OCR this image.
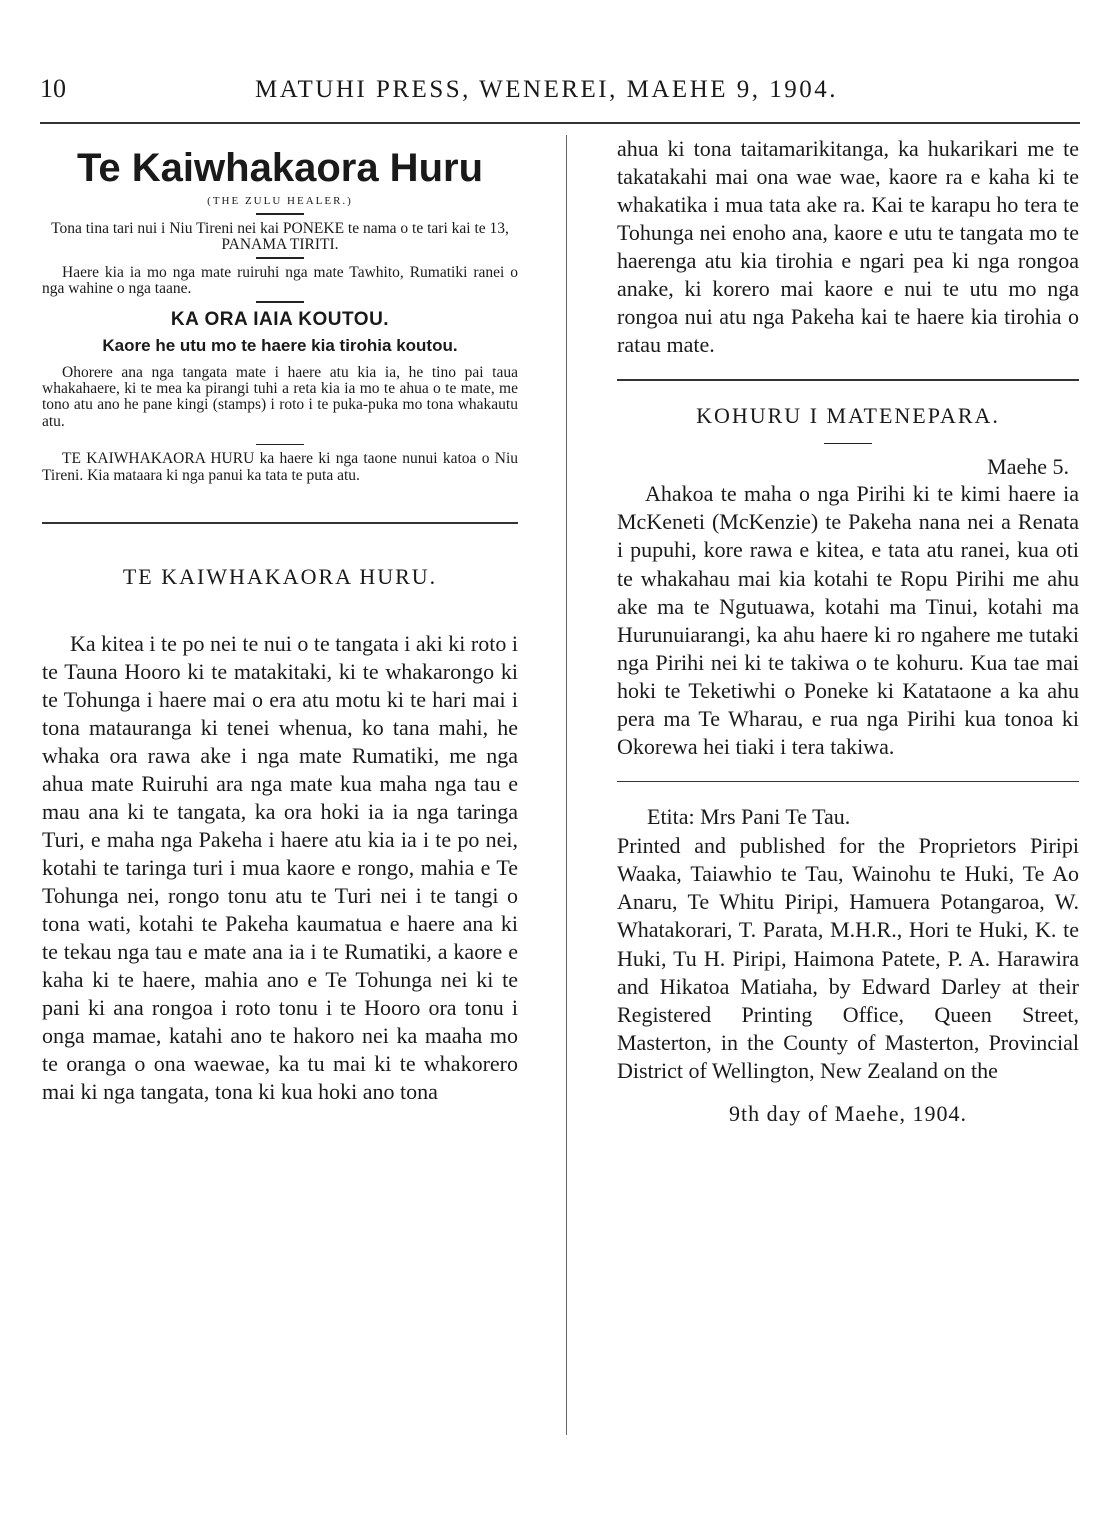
10	MATUHI PRESS, WENEREI, MAEHE 9, 1904.
Te Kaiwhakaora Huru
(THE ZULU HEALER.)

Tona tina tari nui i Niu Tireni nei kai PONEKE te nama o te tari kai te 13, PANAMA TIRITI.

Haere kia ia mo nga mate ruiruhi nga mate Tawhito, Rumatiki ranei o nga wahine o nga taane.

KA ORA IAIA KOUTOU.
Kaore he utu mo te haere kia tirohia koutou.

Ohorere ana nga tangata mate i haere atu kia ia, he tino pai taua whakahaere, ki te mea ka pirangi tuhi a reta kia ia mo te ahua o te mate, me tono atu ano he pane kingi (stamps) i roto i te puka-puka mo tona whakautu atu.

TE KAIWHAKAORA HURU ka haere ki nga taone nunui katoa o Niu Tireni. Kia mataara ki nga panui ka tata te puta atu.

TE KAIWHAKAORA HURU.

Ka kitea i te po nei te nui o te tangata i aki ki roto i te Tauna Hooro ki te matakitaki, ki te whakarongo ki te Tohunga i haere mai o era atu motu ki te hari mai i tona matauranga ki tenei whenua, ko tana mahi, he whaka ora rawa ake i nga mate Rumatiki, me nga ahua mate Ruiruhi ara nga mate kua maha nga tau e mau ana ki te tangata, ka ora hoki ia ia nga taringa Turi, e maha nga Pakeha i haere atu kia ia i te po nei, kotahi te taringa turi i mua kaore e rongo, mahia e Te Tohunga nei, rongo tonu atu te Turi nei i te tangi o tona wati, kotahi te Pakeha kaumatua e haere ana ki te tekau nga tau e mate ana ia i te Rumatiki, a kaore e kaha ki te haere, mahia ano e Te Tohunga nei ki te pani ki ana rongoa i roto tonu i te Hooro ora tonu i onga mamae, katahi ano te hakoro nei ka maaha mo te oranga o ona waewae, ka tu mai ki te whakorero mai ki nga tangata, tona ki kua hoki ano tona

ahua ki tona taitamarikitanga, ka hukarikari me te takatakahi mai ona wae wae, kaore ra e kaha ki te whakatika i mua tata ake ra. Kai te karapu ho tera te Tohunga nei enoho ana, kaore e utu te tangata mo te haerenga atu kia tirohia e ngari pea ki nga rongoa anake, ki korero mai kaore e nui te utu mo nga rongoa nui atu nga Pakeha kai te haere kia tirohia o ratau mate.

KOHURU I MATENEPARA.
Maehe 5.

Ahakoa te maha o nga Pirihi ki te kimi haere ia McKeneti (McKenzie) te Pakeha nana nei a Renata i pupuhi, kore rawa e kitea, e tata atu ranei, kua oti te whakahau mai kia kotahi te Ropu Pirihi me ahu ake ma te Ngutuawa, kotahi ma Tinui, kotahi ma Hurunuiarangi, ka ahu haere ki ro ngahere me tutaki nga Pirihi nei ki te takiwa o te kohuru. Kua tae mai hoki te Teketiwhi o Poneke ki Katataone a ka ahu pera ma Te Wharau, e rua nga Pirihi kua tonoa ki Okorewa hei tiaki i tera takiwa.

Etita: Mrs Pani Te Tau.

Printed and published for the Proprietors Piripi Waaka, Taiawhio te Tau, Wainohu te Huki, Te Ao Anaru, Te Whitu Piripi, Hamuera Potangaroa, W. Whatakorari, T. Parata, M.H.R., Hori te Huki, K. te Huki, Tu H. Piripi, Haimona Patete, P. A. Harawira and Hikatoa Matiaha, by Edward Darley at their Registered Printing Office, Queen Street, Masterton, in the County of Masterton, Provincial District of Wellington, New Zealand on the

9th day of Maehe, 1904.
